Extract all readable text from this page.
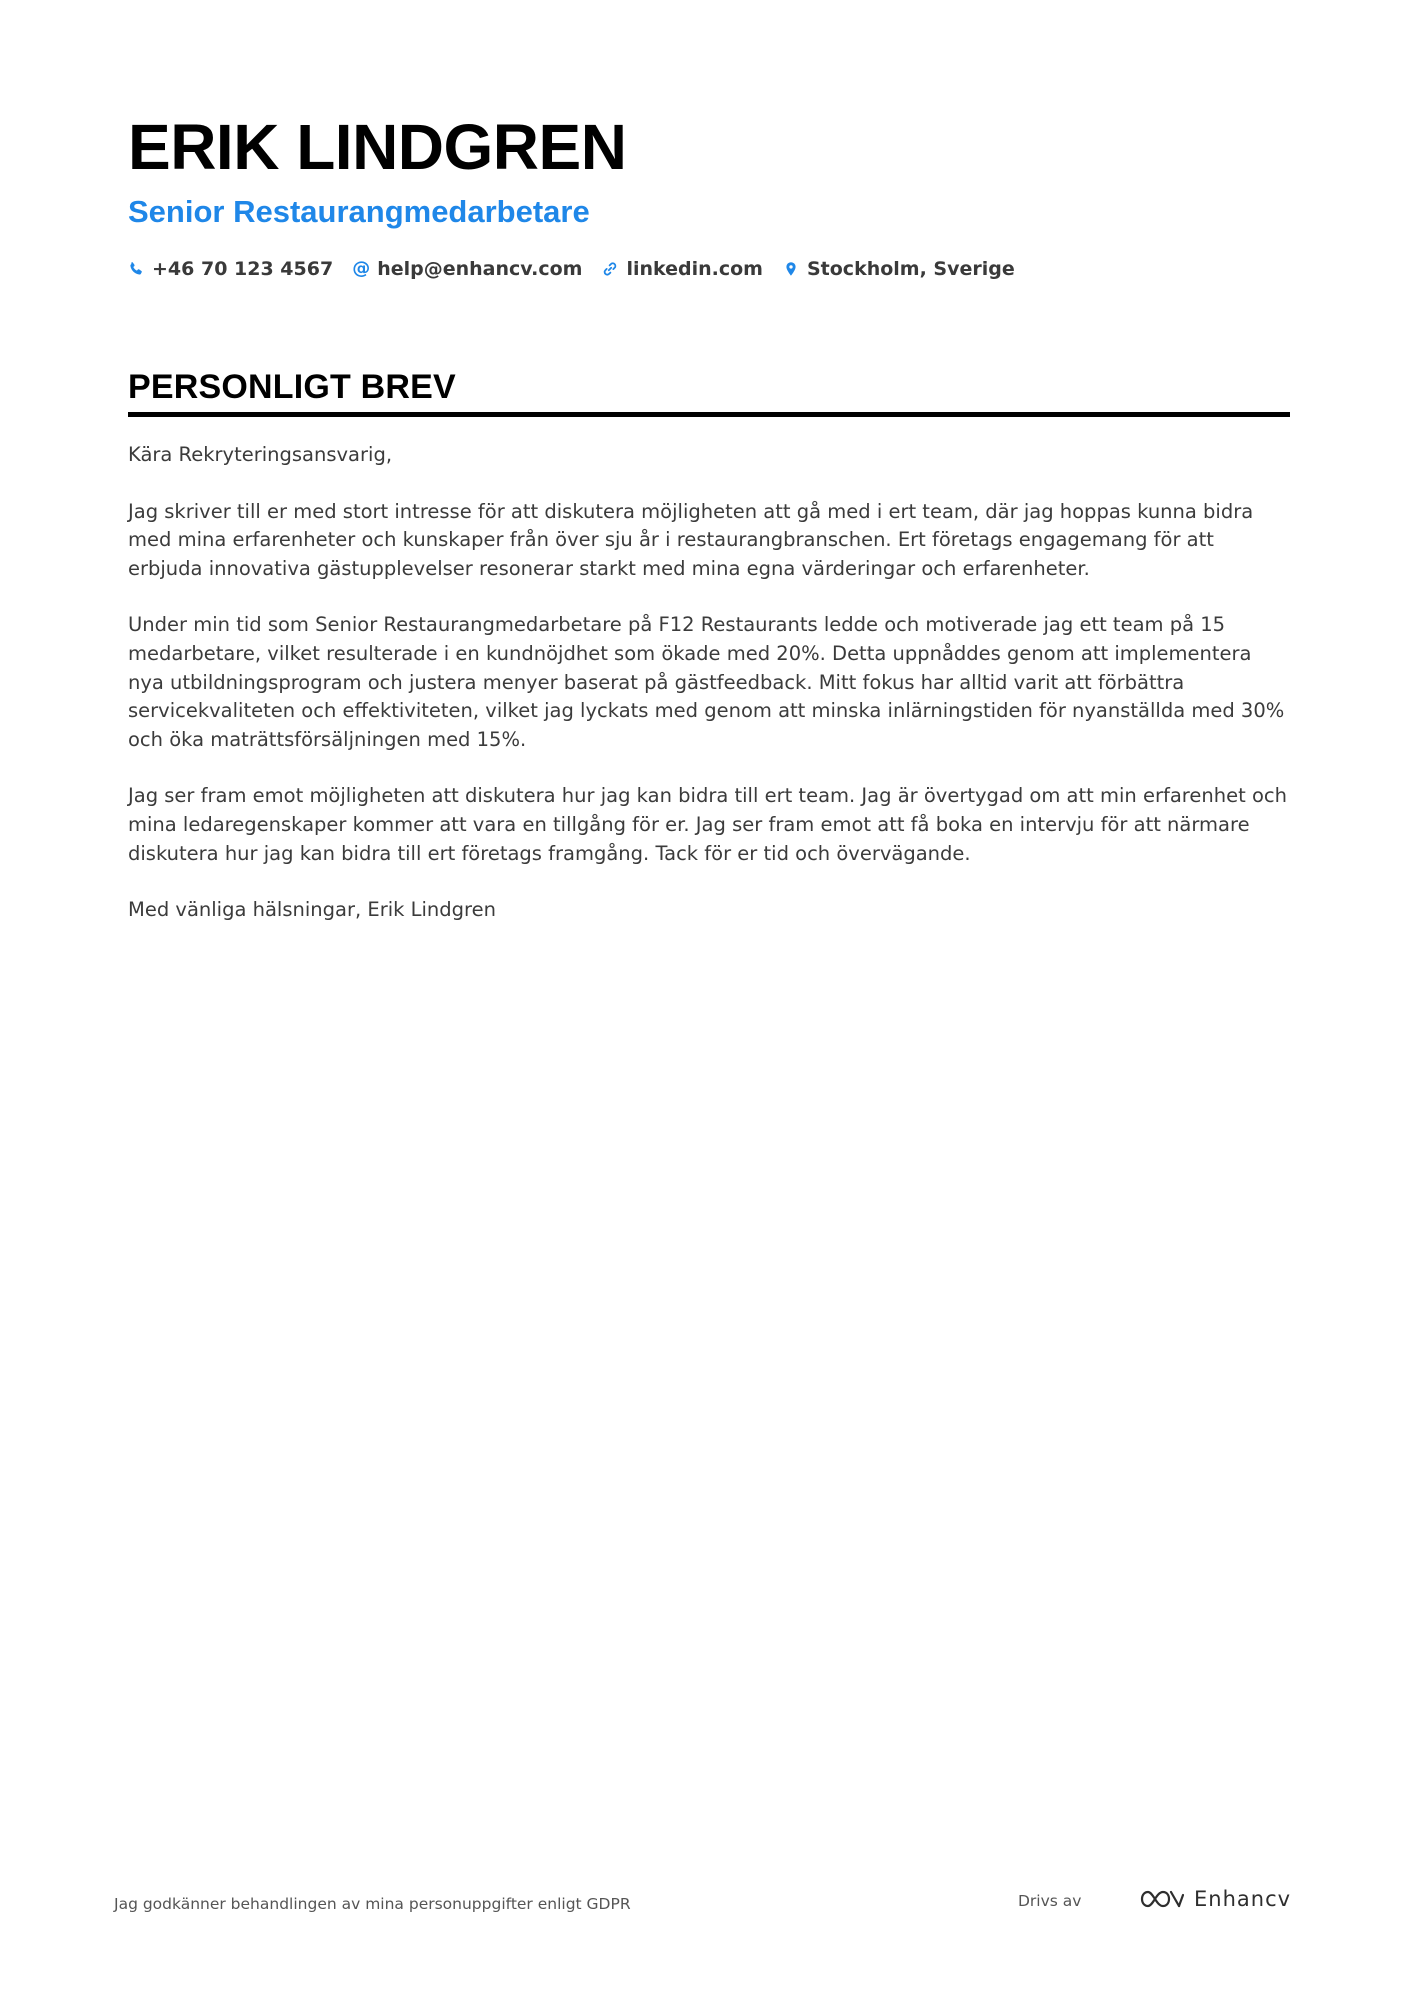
ERIK LINDGREN
Senior Restaurangmedarbetare
+46 70 123 4567 @ help@enhancv.com linkedin.com Stockholm, Sverige
PERSONLIGT BREV

Kära Rekryteringsansvarig,

Jag skriver till er med stort intresse för att diskutera möjligheten att gå med i ert team, där jag hoppas kunna bidra med mina erfarenheter och kunskaper från över sju år i restaurangbranschen. Ert företags engagemang för att erbjuda innovativa gästupplevelser resonerar starkt med mina egna värderingar och erfarenheter.

Under min tid som Senior Restaurangmedarbetare på F12 Restaurants ledde och motiverade jag ett team på 15 medarbetare, vilket resulterade i en kundnöjdhet som ökade med 20%. Detta uppnåddes genom att implementera nya utbildningsprogram och justera menyer baserat på gästfeedback. Mitt fokus har alltid varit att förbättra servicekvaliteten och effektiviteten, vilket jag lyckats med genom att minska inlärningstiden för nyanställda med 30% och öka maträttsförsäljningen med 15%.

Jag ser fram emot möjligheten att diskutera hur jag kan bidra till ert team. Jag är övertygad om att min erfarenhet och mina ledaregenskaper kommer att vara en tillgång för er. Jag ser fram emot att få boka en intervju för att närmare diskutera hur jag kan bidra till ert företags framgång. Tack för er tid och övervägande.

Med vänliga hälsningar, Erik Lindgren

Jag godkänner behandlingen av mina personuppgifter enligt GDPR	Drivs av	Enhancv
